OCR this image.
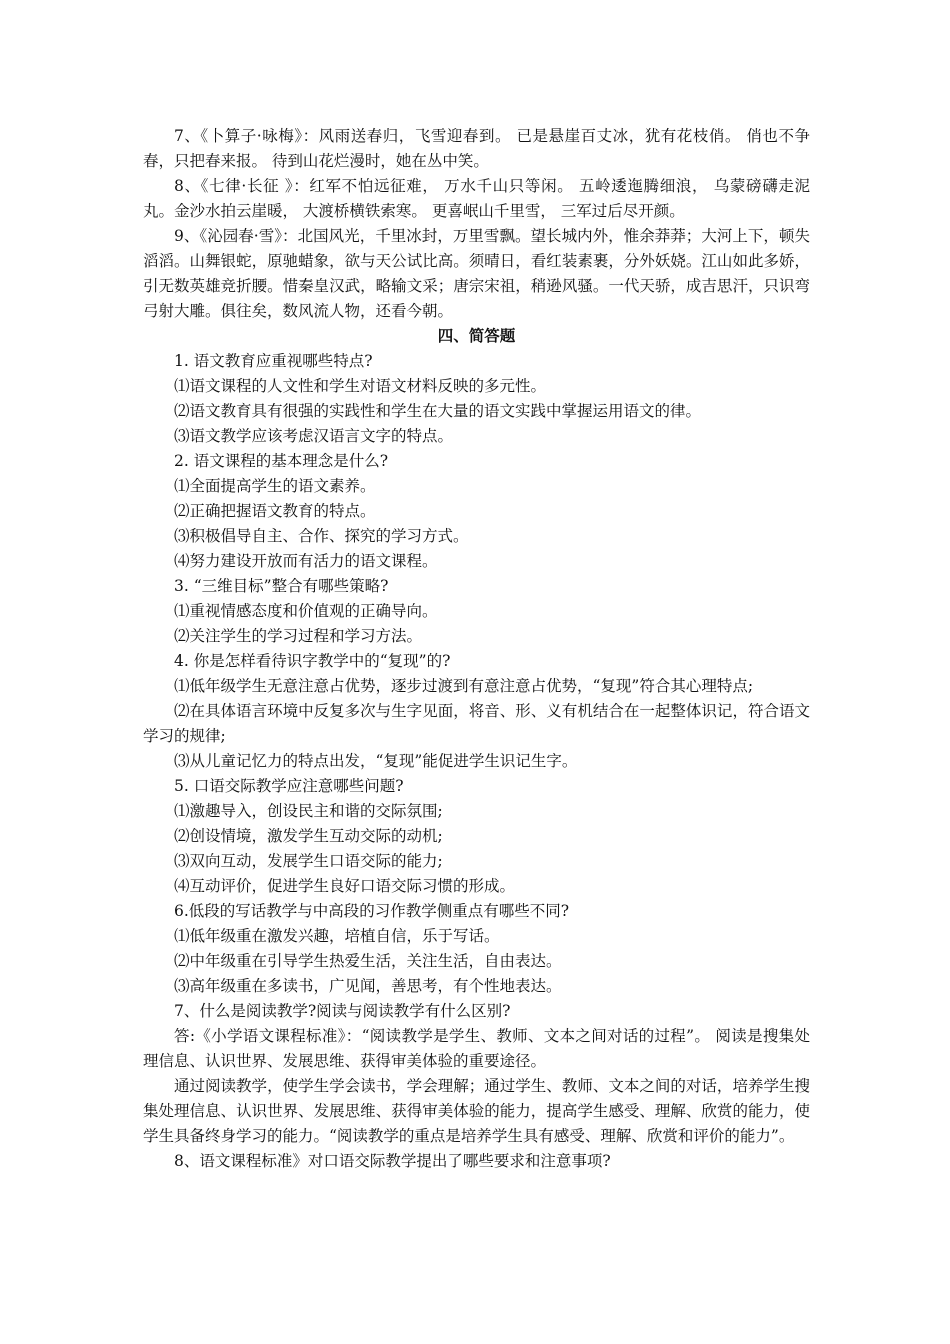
7、《卜算子·咏梅》：风雨送春归，飞雪迎春到。 已是悬崖百丈冰，犹有花枝俏。 俏也不争春，只把春来报。 待到山花烂漫时，她在丛中笑。

8、《七律·长征 》：红军不怕远征难， 万水千山只等闲。 五岭逶迤腾细浪， 乌蒙磅礴走泥丸。金沙水拍云崖暖， 大渡桥横铁索寒。 更喜岷山千里雪， 三军过后尽开颜。

9、《沁园春·雪》：北国风光，千里冰封，万里雪飘。望长城内外，惟余莽莽；大河上下，顿失滔滔。山舞银蛇，原驰蜡象，欲与天公试比高。须晴日，看红装素裹，分外妖娆。江山如此多娇，引无数英雄竞折腰。惜秦皇汉武，略输文采；唐宗宋祖，稍逊风骚。一代天骄，成吉思汗，只识弯弓射大雕。俱往矣，数风流人物，还看今朝。

四、简答题

1. 语文教育应重视哪些特点?

⑴语文课程的人文性和学生对语文材料反映的多元性。

⑵语文教育具有很强的实践性和学生在大量的语文实践中掌握运用语文的律。

⑶语文教学应该考虑汉语言文字的特点。

2. 语文课程的基本理念是什么?

⑴全面提高学生的语文素养。

⑵正确把握语文教育的特点。

⑶积极倡导自主、合作、探究的学习方式。

⑷努力建设开放而有活力的语文课程。

3. “三维目标”整合有哪些策略?

⑴重视情感态度和价值观的正确导向。

⑵关注学生的学习过程和学习方法。

4. 你是怎样看待识字教学中的“复现”的?

⑴低年级学生无意注意占优势，逐步过渡到有意注意占优势，“复现”符合其心理特点;

⑵在具体语言环境中反复多次与生字见面，将音、形、义有机结合在一起整体识记，符合语文学习的规律;

⑶从儿童记忆力的特点出发，“复现”能促进学生识记生字。

5. 口语交际教学应注意哪些问题?

⑴激趣导入，创设民主和谐的交际氛围;

⑵创设情境，激发学生互动交际的动机;

⑶双向互动，发展学生口语交际的能力;

⑷互动评价，促进学生良好口语交际习惯的形成。

6.低段的写话教学与中高段的习作教学侧重点有哪些不同?

⑴低年级重在激发兴趣，培植自信，乐于写话。

⑵中年级重在引导学生热爱生活，关注生活，自由表达。

⑶高年级重在多读书，广见闻，善思考，有个性地表达。

7、什么是阅读教学?阅读与阅读教学有什么区别?

答:《小学语文课程标准》：“阅读教学是学生、教师、文本之间对话的过程”。 阅读是搜集处理信息、认识世界、发展思维、获得审美体验的重要途径。

通过阅读教学，使学生学会读书，学会理解；通过学生、教师、文本之间的对话，培养学生搜集处理信息、认识世界、发展思维、获得审美体验的能力，提高学生感受、理解、欣赏的能力，使学生具备终身学习的能力。“阅读教学的重点是培养学生具有感受、理解、欣赏和评价的能力”。

8、语文课程标准》对口语交际教学提出了哪些要求和注意事项?
